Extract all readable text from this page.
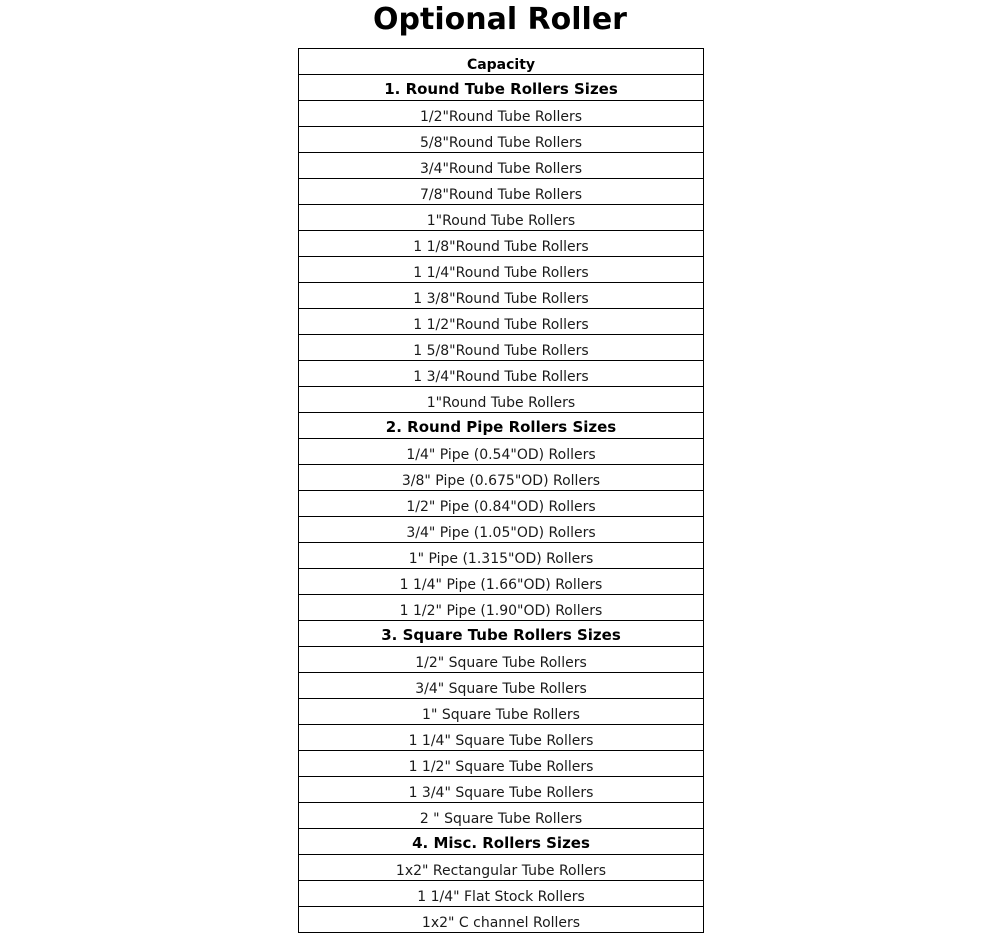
Optional Roller
Capacity
1. Round Tube Rollers Sizes
1/2"Round Tube Rollers
5/8"Round Tube Rollers
3/4"Round Tube Rollers
7/8"Round Tube Rollers
1"Round Tube Rollers
1 1/8"Round Tube Rollers
1 1/4"Round Tube Rollers
1 3/8"Round Tube Rollers
1 1/2"Round Tube Rollers
1 5/8"Round Tube Rollers
1 3/4"Round Tube Rollers
1"Round Tube Rollers
2. Round Pipe Rollers Sizes
1/4" Pipe (0.54"OD) Rollers
3/8" Pipe (0.675"OD) Rollers
1/2" Pipe (0.84"OD) Rollers
3/4" Pipe (1.05"OD) Rollers
1" Pipe (1.315"OD) Rollers
1 1/4" Pipe (1.66"OD) Rollers
1 1/2" Pipe (1.90"OD) Rollers
3. Square Tube Rollers Sizes
1/2" Square Tube Rollers
3/4" Square Tube Rollers
1" Square Tube Rollers
1 1/4" Square Tube Rollers
1 1/2" Square Tube Rollers
1 3/4" Square Tube Rollers
2 " Square Tube Rollers
4. Misc. Rollers Sizes
1x2" Rectangular Tube Rollers
1 1/4" Flat Stock Rollers
1x2" C channel Rollers
